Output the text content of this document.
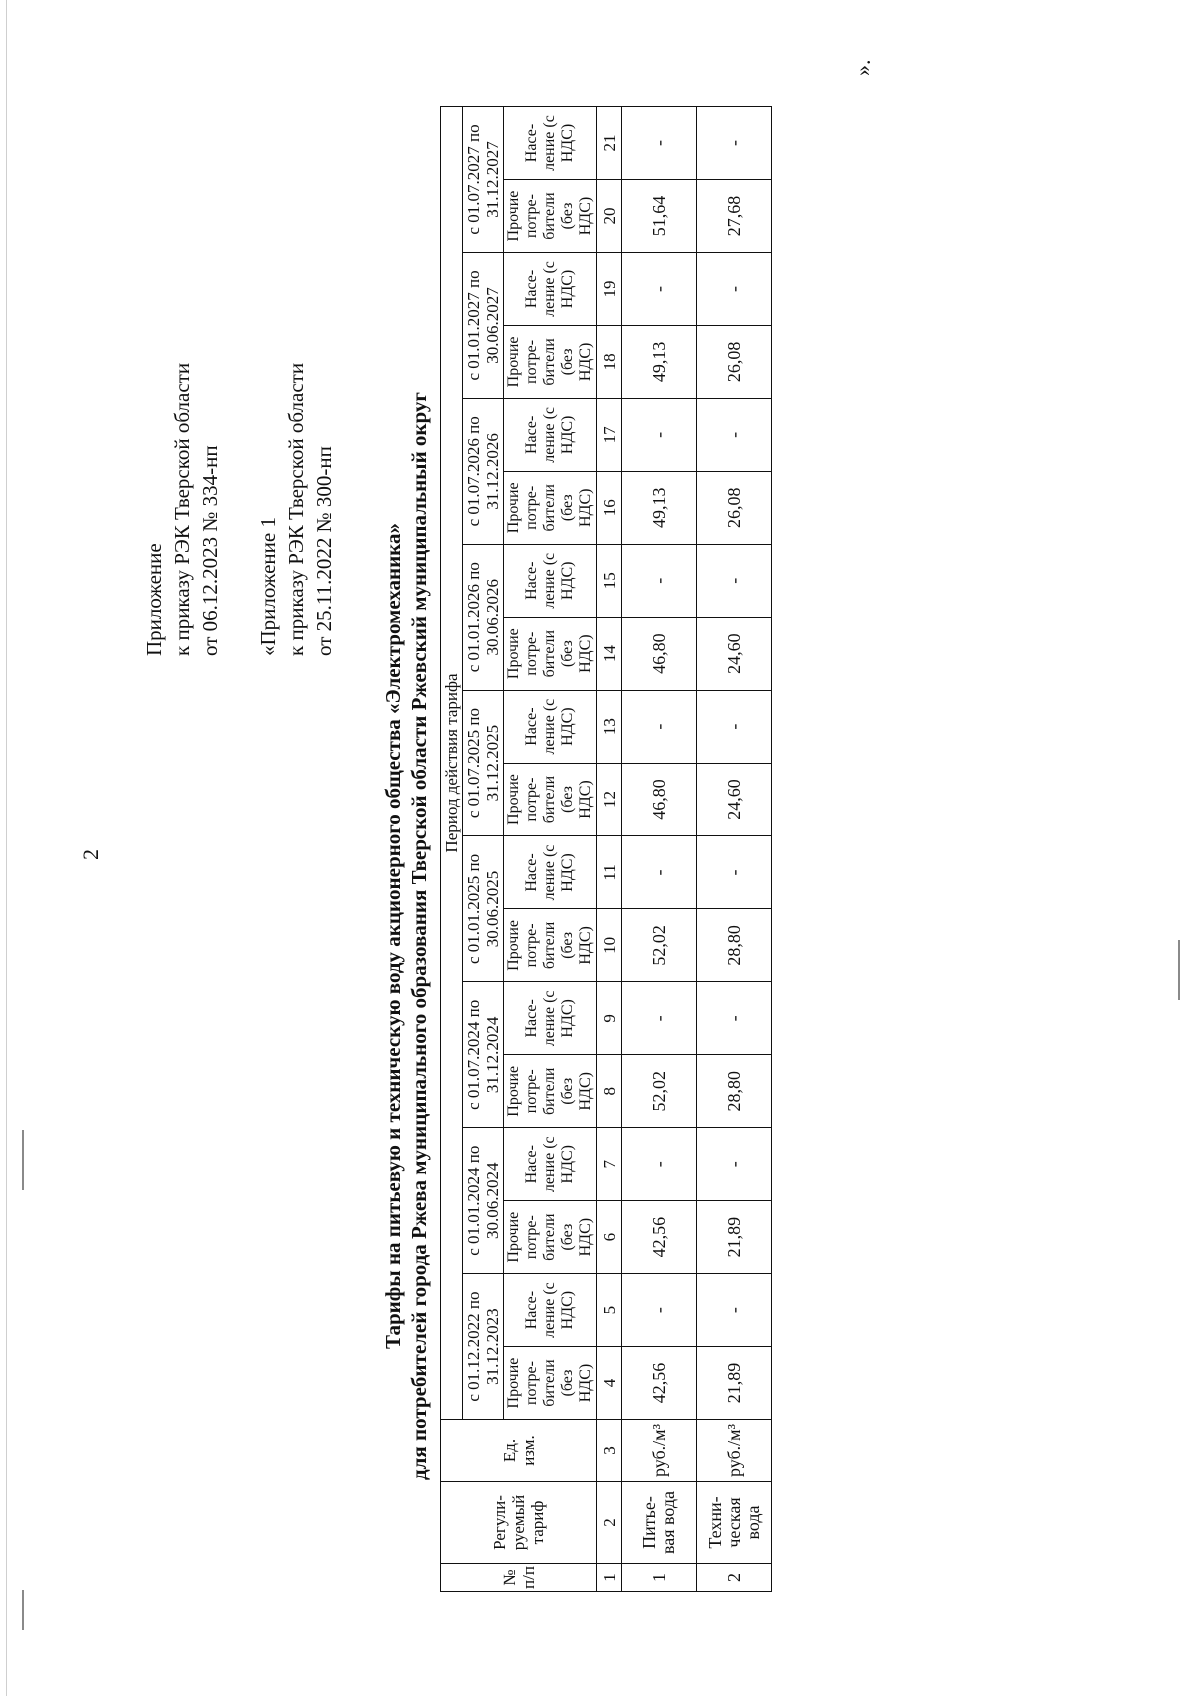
2
Приложение к приказу РЭК Тверской области от 06.12.2023 № 334-нп «Приложение 1 к приказу РЭК Тверской области от 25.11.2022 № 300-нп Тарифы на питьевую и техническую воду акционерного общества «Электромеханика» для потребителей города Ржева муниципального образования Тверской области Ржевский муниципальный округ
№ п/п	Регули-руемый тариф	Ед. изм.	Период действия тарифа																	
			с 01.12.2022 по 31.12.2023		с 01.01.2024 по 30.06.2024		с 01.07.2024 по 31.12.2024		с 01.01.2025 по 30.06.2025		с 01.07.2025 по 31.12.2025		с 01.01.2026 по 30.06.2026		с 01.07.2026 по 31.12.2026		с 01.01.2027 по 30.06.2027		с 01.07.2027 по 31.12.2027	
			Прочие потре-бители (без НДС)	Насе-ление (с НДС)	Прочие потре-бители (без НДС)	Насе-ление (с НДС)	Прочие потре-бители (без НДС)	Насе-ление (с НДС)	Прочие потре-бители (без НДС)	Насе-ление (с НДС)	Прочие потре-бители (без НДС)	Насе-ление (с НДС)	Прочие потре-бители (без НДС)	Насе-ление (с НДС)	Прочие потре-бители (без НДС)	Насе-ление (с НДС)	Прочие потре-бители (без НДС)	Насе-ление (с НДС)	Прочие потре-бители (без НДС)	Насе-ление (с НДС)
1	2	3	4	5	6	7	8	9	10	11	12	13	14	15	16	17	18	19	20	21
1	Питье-вая вода	руб./м³	42,56	-	42,56	-	52,02	-	52,02	-	46,80	-	46,80	-	49,13	-	49,13	-	51,64	-
2	Техни-ческая вода	руб./м³	21,89	-	21,89	-	28,80	-	28,80	-	24,60	-	24,60	-	26,08	-	26,08	-	27,68	-
».
